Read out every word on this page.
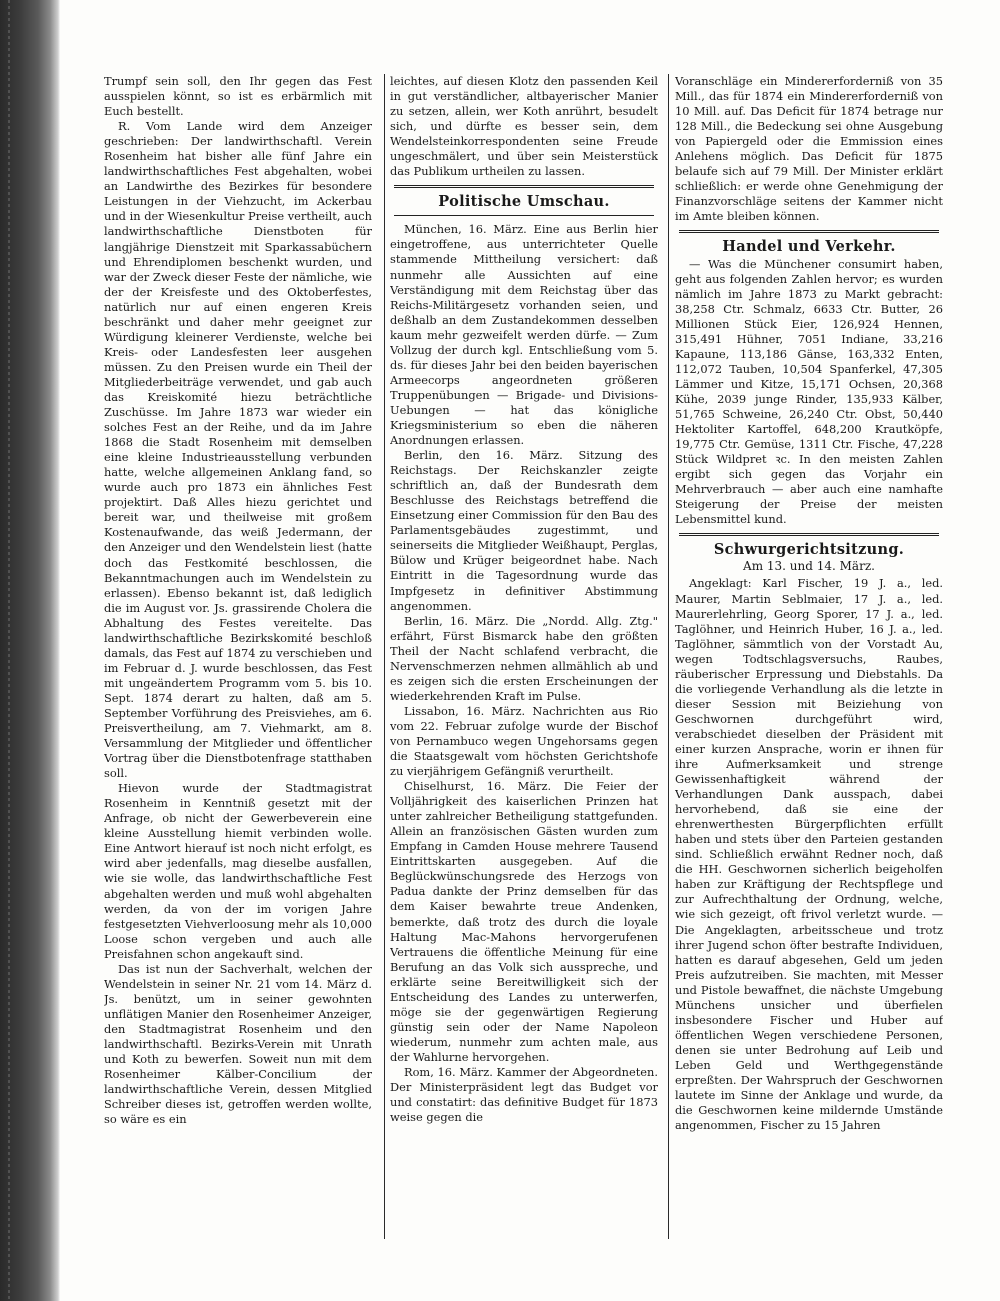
Trumpf sein soll, den Ihr gegen das Fest ausspielen könnt, so ist es erbärmlich mit Euch bestellt.

R. Vom Lande wird dem Anzeiger geschrieben: Der landwirthschaftl. Verein Rosenheim hat bisher alle fünf Jahre ein landwirthschaftliches Fest abgehalten, wobei an Landwirthe des Bezirkes für besondere Leistungen in der Viehzucht, im Ackerbau und in der Wiesenkultur Preise vertheilt, auch landwirthschaftliche Dienstboten für langjährige Dienstzeit mit Sparkassabüchern und Ehrendiplomen beschenkt wurden, und war der Zweck dieser Feste der nämliche, wie der der Kreisfeste und des Oktoberfestes, natürlich nur auf einen engeren Kreis beschränkt und daher mehr geeignet zur Würdigung kleinerer Verdienste, welche bei Kreis- oder Landesfesten leer ausgehen müssen. Zu den Preisen wurde ein Theil der Mitgliederbeiträge verwendet, und gab auch das Kreiskomité hiezu beträchtliche Zuschüsse. Im Jahre 1873 war wieder ein solches Fest an der Reihe, und da im Jahre 1868 die Stadt Rosenheim mit demselben eine kleine Industrieausstellung verbunden hatte, welche allgemeinen Anklang fand, so wurde auch pro 1873 ein ähnliches Fest projektirt. Daß Alles hiezu gerichtet und bereit war, und theilweise mit großem Kostenaufwande, das weiß Jedermann, der den Anzeiger und den Wendelstein liest (hatte doch das Festkomité beschlossen, die Bekanntmachungen auch im Wendelstein zu erlassen). Ebenso bekannt ist, daß lediglich die im August vor. Js. grassirende Cholera die Abhaltung des Festes vereitelte. Das landwirthschaftliche Bezirkskomité beschloß damals, das Fest auf 1874 zu verschieben und im Februar d. J. wurde beschlossen, das Fest mit ungeändertem Programm vom 5. bis 10. Sept. 1874 derart zu halten, daß am 5. September Vorführung des Preisviehes, am 6. Preisvertheilung, am 7. Viehmarkt, am 8. Versammlung der Mitglieder und öffentlicher Vortrag über die Dienstbotenfrage statthaben soll.

Hievon wurde der Stadtmagistrat Rosenheim in Kenntniß gesetzt mit der Anfrage, ob nicht der Gewerbeverein eine kleine Ausstellung hiemit verbinden wolle. Eine Antwort hierauf ist noch nicht erfolgt, es wird aber jedenfalls, mag dieselbe ausfallen, wie sie wolle, das landwirthschaftliche Fest abgehalten werden und muß wohl abgehalten werden, da von der im vorigen Jahre festgesetzten Viehverloosung mehr als 10,000 Loose schon vergeben und auch alle Preisfahnen schon angekauft sind.

Das ist nun der Sachverhalt, welchen der Wendelstein in seiner Nr. 21 vom 14. März d. Js. benützt, um in seiner gewohnten unflätigen Manier den Rosenheimer Anzeiger, den Stadtmagistrat Rosenheim und den landwirthschaftl. Bezirks-Verein mit Unrath und Koth zu bewerfen. Soweit nun mit dem Rosenheimer Kälber-Concilium der landwirthschaftliche Verein, dessen Mitglied Schreiber dieses ist, getroffen werden wollte, so wäre es ein

leichtes, auf diesen Klotz den passenden Keil in gut verständlicher, altbayerischer Manier zu setzen, allein, wer Koth anrührt, besudelt sich, und dürfte es besser sein, dem Wendelsteinkorrespondenten seine Freude ungeschmälert, und über sein Meisterstück das Publikum urtheilen zu lassen.

Politische Umschau.

München, 16. März. Eine aus Berlin hier eingetroffene, aus unterrichteter Quelle stammende Mittheilung versichert: daß nunmehr alle Aussichten auf eine Verständigung mit dem Reichstag über das Reichs-Militärgesetz vorhanden seien, und deßhalb an dem Zustandekommen desselben kaum mehr gezweifelt werden dürfe. — Zum Vollzug der durch kgl. Entschließung vom 5. ds. für dieses Jahr bei den beiden bayerischen Armeecorps angeordneten größeren Truppenübungen — Brigade- und Divisions-Uebungen — hat das königliche Kriegsministerium so eben die näheren Anordnungen erlassen.

Berlin, den 16. März. Sitzung des Reichstags. Der Reichskanzler zeigte schriftlich an, daß der Bundesrath dem Beschlusse des Reichstags betreffend die Einsetzung einer Commission für den Bau des Parlamentsgebäudes zugestimmt, und seinerseits die Mitglieder Weißhaupt, Perglas, Bülow und Krüger beigeordnet habe. Nach Eintritt in die Tagesordnung wurde das Impfgesetz in definitiver Abstimmung angenommen.

Berlin, 16. März. Die „Nordd. Allg. Ztg." erfährt, Fürst Bismarck habe den größten Theil der Nacht schlafend verbracht, die Nervenschmerzen nehmen allmählich ab und es zeigen sich die ersten Erscheinungen der wiederkehrenden Kraft im Pulse.

Lissabon, 16. März. Nachrichten aus Rio vom 22. Februar zufolge wurde der Bischof von Pernambuco wegen Ungehorsams gegen die Staatsgewalt vom höchsten Gerichtshofe zu vierjährigem Gefängniß verurtheilt.

Chiselhurst, 16. März. Die Feier der Volljährigkeit des kaiserlichen Prinzen hat unter zahlreicher Betheiligung stattgefunden. Allein an französischen Gästen wurden zum Empfang in Camden House mehrere Tausend Eintrittskarten ausgegeben. Auf die Beglückwünschungsrede des Herzogs von Padua dankte der Prinz demselben für das dem Kaiser bewahrte treue Andenken, bemerkte, daß trotz des durch die loyale Haltung Mac-Mahons hervorgerufenen Vertrauens die öffentliche Meinung für eine Berufung an das Volk sich ausspreche, und erklärte seine Bereitwilligkeit sich der Entscheidung des Landes zu unterwerfen, möge sie der gegenwärtigen Regierung günstig sein oder der Name Napoleon wiederum, nunmehr zum achten male, aus der Wahlurne hervorgehen.

Rom, 16. März. Kammer der Abgeordneten. Der Ministerpräsident legt das Budget vor und constatirt: das definitive Budget für 1873 weise gegen die

Voranschläge ein Mindererforderniß von 35 Mill., das für 1874 ein Mindererforderniß von 10 Mill. auf. Das Deficit für 1874 betrage nur 128 Mill., die Bedeckung sei ohne Ausgebung von Papiergeld oder die Emmission eines Anlehens möglich. Das Deficit für 1875 belaufe sich auf 79 Mill. Der Minister erklärt schließlich: er werde ohne Genehmigung der Finanzvorschläge seitens der Kammer nicht im Amte bleiben können.

Handel und Verkehr.

— Was die Münchener consumirt haben, geht aus folgenden Zahlen hervor; es wurden nämlich im Jahre 1873 zu Markt gebracht: 38,258 Ctr. Schmalz, 6633 Ctr. Butter, 26 Millionen Stück Eier, 126,924 Hennen, 315,491 Hühner, 7051 Indiane, 33,216 Kapaune, 113,186 Gänse, 163,332 Enten, 112,072 Tauben, 10,504 Spanferkel, 47,305 Lämmer und Kitze, 15,171 Ochsen, 20,368 Kühe, 2039 junge Rinder, 135,933 Kälber, 51,765 Schweine, 26,240 Ctr. Obst, 50,440 Hektoliter Kartoffel, 648,200 Krautköpfe, 19,775 Ctr. Gemüse, 1311 Ctr. Fische, 47,228 Stück Wildpret ꝛc. In den meisten Zahlen ergibt sich gegen das Vorjahr ein Mehrverbrauch — aber auch eine namhafte Steigerung der Preise der meisten Lebensmittel kund.

Schwurgerichtsitzung.
Am 13. und 14. März.

Angeklagt: Karl Fischer, 19 J. a., led. Maurer, Martin Seblmaier, 17 J. a., led. Maurerlehrling, Georg Sporer, 17 J. a., led. Taglöhner, und Heinrich Huber, 16 J. a., led. Taglöhner, sämmtlich von der Vorstadt Au, wegen Todtschlagsversuchs, Raubes, räuberischer Erpressung und Diebstahls. Da die vorliegende Verhandlung als die letzte in dieser Session mit Beiziehung von Geschwornen durchgeführt wird, verabschiedet dieselben der Präsident mit einer kurzen Ansprache, worin er ihnen für ihre Aufmerksamkeit und strenge Gewissenhaftigkeit während der Verhandlungen Dank ausspach, dabei hervorhebend, daß sie eine der ehrenwerthesten Bürgerpflichten erfüllt haben und stets über den Parteien gestanden sind. Schließlich erwähnt Redner noch, daß die HH. Geschwornen sicherlich beigeholfen haben zur Kräftigung der Rechtspflege und zur Aufrechthaltung der Ordnung, welche, wie sich gezeigt, oft frivol verletzt wurde. — Die Angeklagten, arbeitsscheue und trotz ihrer Jugend schon öfter bestrafte Individuen, hatten es darauf abgesehen, Geld um jeden Preis aufzutreiben. Sie machten, mit Messer und Pistole bewaffnet, die nächste Umgebung Münchens unsicher und überfielen insbesondere Fischer und Huber auf öffentlichen Wegen verschiedene Personen, denen sie unter Bedrohung auf Leib und Leben Geld und Werthgegenstände erpreßten. Der Wahrspruch der Geschwornen lautete im Sinne der Anklage und wurde, da die Geschwornen keine mildernde Umstände angenommen, Fischer zu 15 Jahren
